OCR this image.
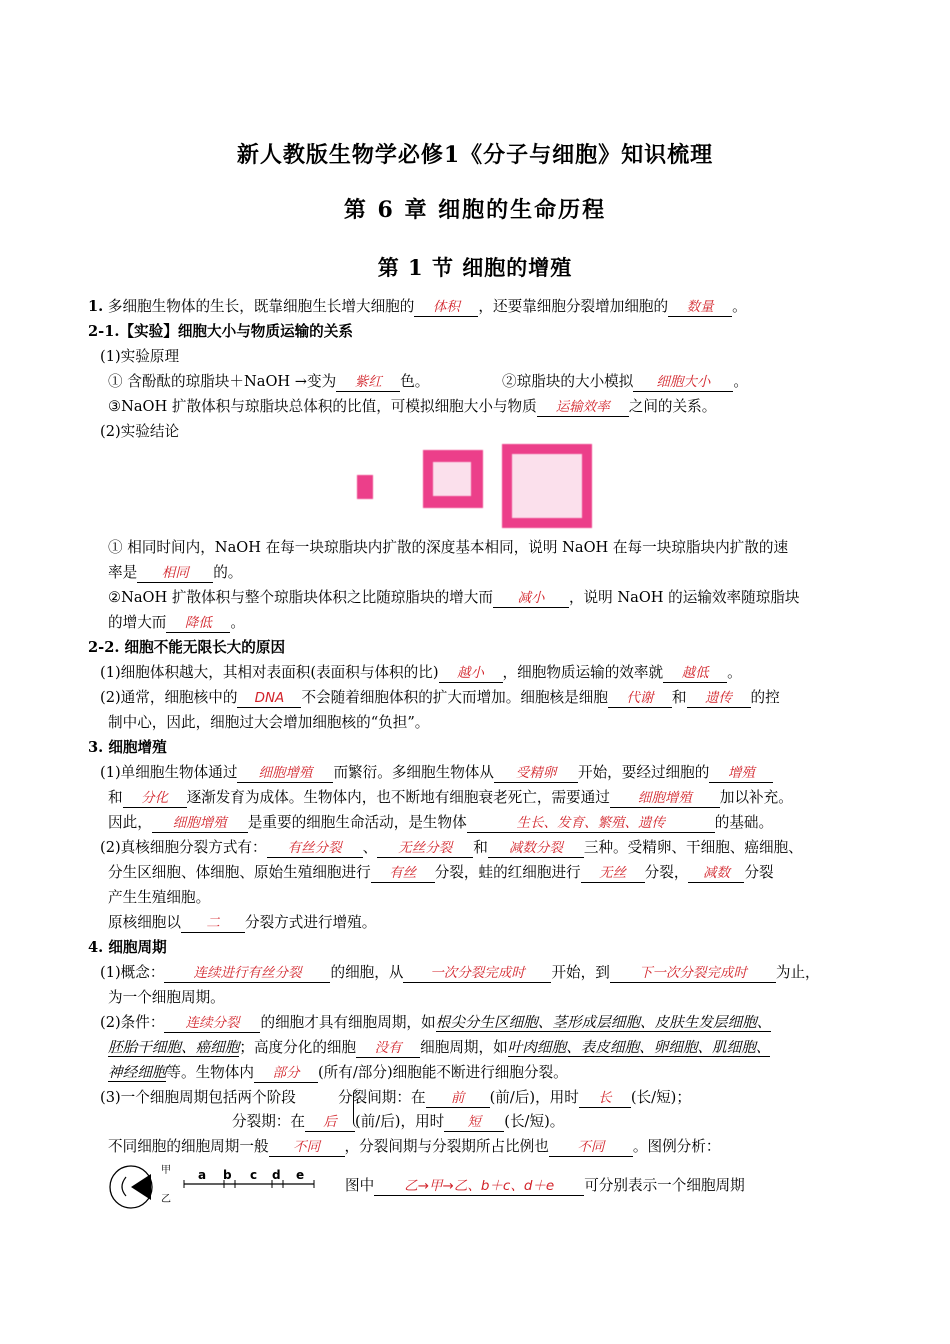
新人教版生物学必修1《分子与细胞》知识梳理
第 6 章 细胞的生命历程
第 1 节 细胞的增殖
1. 多细胞生物体的生长，既靠细胞生长增大细胞的 体积 ，还要靠细胞分裂增加细胞的 数量 。
2-1.【实验】细胞大小与物质运输的关系
(1)实验原理
① 含酚酞的琼脂块＋NaOH →变为 紫红 色。	②琼脂块的大小模拟 细胞大小 。
③NaOH 扩散体积与琼脂块总体积的比值，可模拟细胞大小与物质 运输效率 之间的关系。
(2)实验结论
① 相同时间内，NaOH 在每一块琼脂块内扩散的深度基本相同，说明 NaOH 在每一块琼脂块内扩散的速
率是 相同 的。
②NaOH 扩散体积与整个琼脂块体积之比随琼脂块的增大而 减小 ，说明 NaOH 的运输效率随琼脂块
的增大而 降低 。
2-2. 细胞不能无限长大的原因
(1)细胞体积越大，其相对表面积(表面积与体积的比) 越小 ，细胞物质运输的效率就 越低 。
(2)通常，细胞核中的 DNA 不会随着细胞体积的扩大而增加。细胞核是细胞 代谢 和 遗传 的控
制中心，因此，细胞过大会增加细胞核的“负担”。
3. 细胞增殖
(1)单细胞生物体通过 细胞增殖 而繁衍。多细胞生物体从 受精卵 开始，要经过细胞的 增殖
和 分化 逐渐发育为成体。生物体内，也不断地有细胞衰老死亡，需要通过 细胞增殖 加以补充。
因此， 细胞增殖 是重要的细胞生命活动，是生物体	生长、发育、繁殖、遗传	的基础。
(2)真核细胞分裂方式有： 有丝分裂 、 无丝分裂 和 减数分裂 三种。受精卵、干细胞、癌细胞、
分生区细胞、体细胞、原始生殖细胞进行 有丝 分裂，蛙的红细胞进行 无丝 分裂， 减数 分裂
产生生殖细胞。
原核细胞以 二 分裂方式进行增殖。
4. 细胞周期
(1)概念： 连续进行有丝分裂 的细胞，从 一次分裂完成时 开始，到 下一次分裂完成时 为止，
为一个细胞周期。
(2)条件： 连续分裂 的细胞才具有细胞周期，如根尖分生区细胞、茎形成层细胞、皮肤生发层细胞、
胚胎干细胞、癌细胞；高度分化的细胞 没有 细胞周期，如叶肉细胞、表皮细胞、卵细胞、肌细胞、
神经细胞等。生物体内 部分 (所有/部分)细胞能不断进行细胞分裂。
(3)一个细胞周期包括两个阶段	分裂间期：在 前 (前/后)，用时 长 (长/短)；
分裂期：在 后 (前/后)，用时 短 (长/短)。
不同细胞的细胞周期一般 不同 ，分裂间期与分裂期所占比例也 不同 。图例分析：
甲
乙
a b c d e
图中 乙→甲→乙、b＋c、d＋e 可分别表示一个细胞周期
